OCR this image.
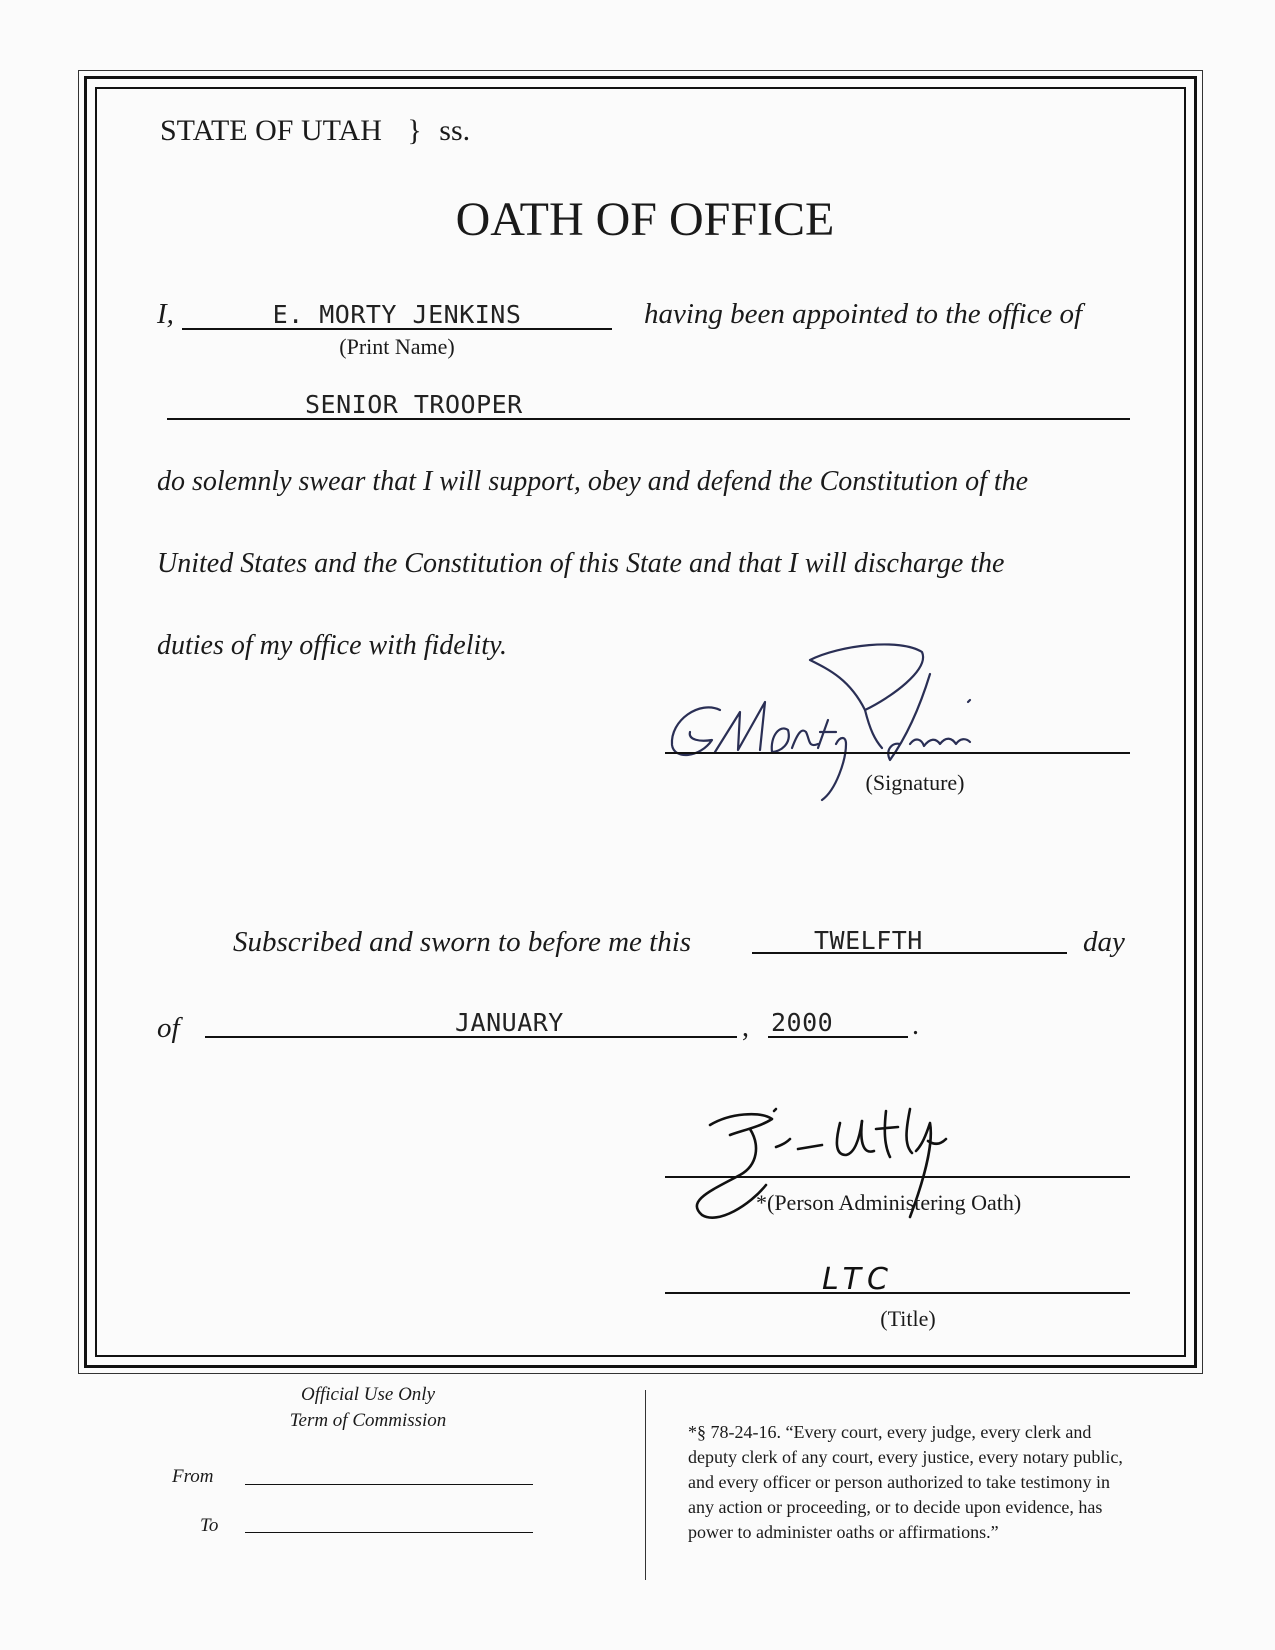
STATE OF UTAH } ss.
OATH OF OFFICE
I,	E. MORTY JENKINS
(Print Name)
having been appointed to the office of
SENIOR TROOPER
do solemnly swear that I will support, obey and defend the Constitution of the
United States and the Constitution of this State and that I will discharge the
duties of my office with fidelity.
(Signature)
Subscribed and sworn to before me this	TWELFTH	day
of	JANUARY	, 2000	.
*(Person Administering Oath)
LTC
(Title)
Official Use Only
Term of Commission
From
To
*§ 78-24-16. “Every court, every judge, every clerk and
deputy clerk of any court, every justice, every notary public,
and every officer or person authorized to take testimony in
any action or proceeding, or to decide upon evidence, has
power to administer oaths or affirmations.”
